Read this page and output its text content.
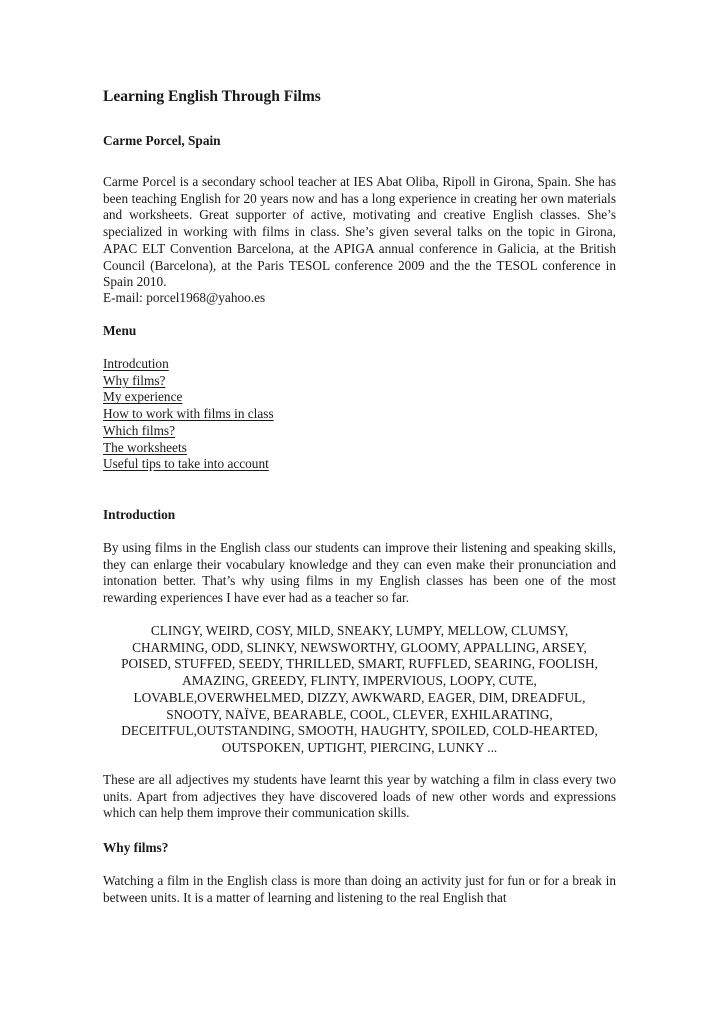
Learning English Through Films

Carme Porcel, Spain

Carme Porcel is a secondary school teacher at IES Abat Oliba, Ripoll in Girona, Spain. She has been teaching English for 20 years now and has a long experience in creating her own materials and worksheets. Great supporter of active, motivating and creative English classes. She’s specialized in working with films in class. She’s given several talks on the topic in Girona, APAC ELT Convention Barcelona, at the APIGA annual conference in Galicia, at the British Council (Barcelona), at the Paris TESOL conference 2009 and the the TESOL conference in Spain 2010.

E-mail: porcel1968@yahoo.es

Menu

Introdcution
Why films?
My experience
How to work with films in class
Which films?
The worksheets
Useful tips to take into account

Introduction

By using films in the English class our students can improve their listening and speaking skills, they can enlarge their vocabulary knowledge and they can even make their pronunciation and intonation better. That’s why using films in my English classes has been one of the most rewarding experiences I have ever had as a teacher so far.

CLINGY, WEIRD, COSY, MILD, SNEAKY, LUMPY, MELLOW, CLUMSY,
CHARMING, ODD, SLINKY, NEWSWORTHY, GLOOMY, APPALLING, ARSEY,
POISED, STUFFED, SEEDY, THRILLED, SMART, RUFFLED, SEARING, FOOLISH,
AMAZING, GREEDY, FLINTY, IMPERVIOUS, LOOPY, CUTE,
LOVABLE,OVERWHELMED, DIZZY, AWKWARD, EAGER, DIM, DREADFUL,
SNOOTY, NAÏVE, BEARABLE, COOL, CLEVER, EXHILARATING,
DECEITFUL,OUTSTANDING, SMOOTH, HAUGHTY, SPOILED, COLD-HEARTED,
OUTSPOKEN, UPTIGHT, PIERCING, LUNKY ...

These are all adjectives my students have learnt this year by watching a film in class every two units. Apart from adjectives they have discovered loads of new other words and expressions which can help them improve their communication skills.

Why films?

Watching a film in the English class is more than doing an activity just for fun or for a break in between units. It is a matter of learning and listening to the real English that
